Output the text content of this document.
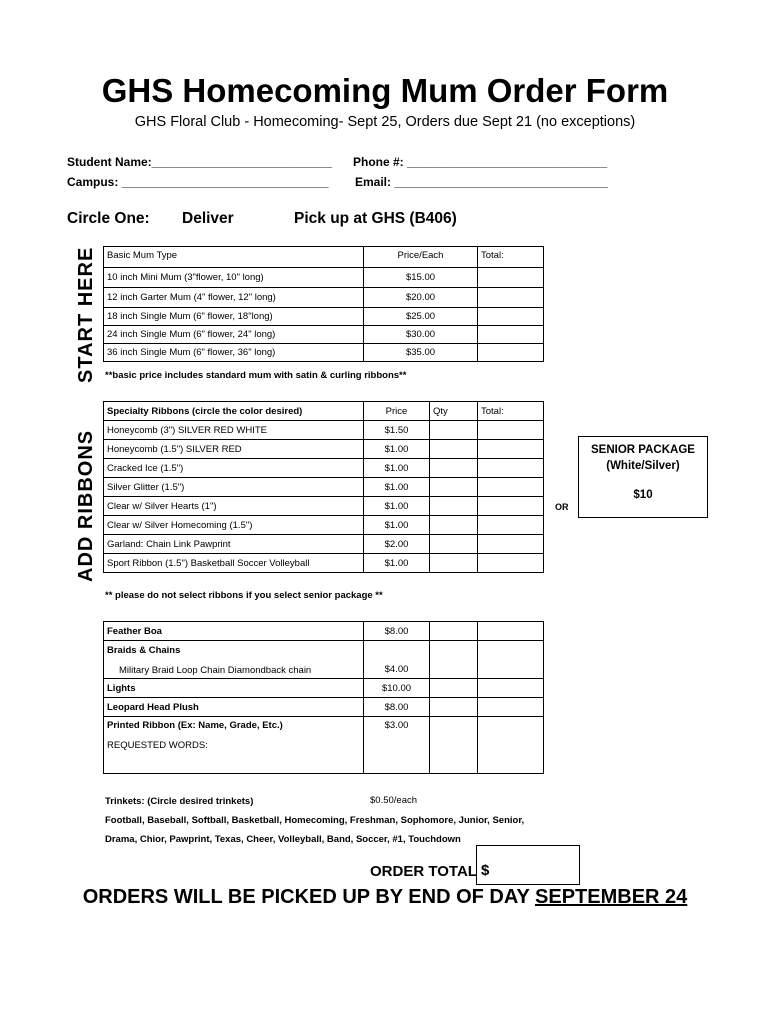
GHS Homecoming Mum Order Form
GHS Floral Club - Homecoming- Sept 25, Orders due Sept 21 (no exceptions)
Student Name:___________________________ Phone #: ______________________________
Campus: _______________________________ Email: ________________________________
Circle One: Deliver	Pick up at GHS (B406)
START HERE
ADD RIBBONS
Basic Mum Type	Price/Each	Total:
10 inch Mini Mum (3"flower, 10" long)	$15.00	
12 inch Garter Mum (4" flower, 12" long)	$20.00	
18 inch Single Mum (6" flower, 18"long)	$25.00	
24 inch Single Mum (6" flower, 24" long)	$30.00	
36 inch Single Mum (6" flower, 36" long)	$35.00	
**basic price includes standard mum with satin & curling ribbons**
Specialty Ribbons (circle the color desired)	Price	Qty	Total:
Honeycomb (3") SILVER RED WHITE	$1.50		
Honeycomb (1.5") SILVER RED	$1.00		
Cracked Ice (1.5")	$1.00		
Silver Glitter (1.5")	$1.00		
Clear w/ Silver Hearts (1")	$1.00		
Clear w/ Silver Homecoming (1.5")	$1.00		
Garland: Chain Link Pawprint	$2.00		
Sport Ribbon (1.5") Basketball Soccer Volleyball	$1.00		
OR
SENIOR PACKAGE
(White/Silver)
$10
** please do not select ribbons if you select senior package **
Feather Boa	$8.00		

Braids & Chains
Military Braid Loop Chain Diamondback chain	$4.00		
Lights	$10.00		
Leopard Head Plush	$8.00		

Printed Ribbon (Ex: Name, Grade, Etc.)
REQUESTED WORDS:	$3.00		
Trinkets: (Circle desired trinkets)	$0.50/each
Football, Baseball, Softball, Basketball, Homecoming, Freshman, Sophomore, Junior, Senior,
Drama, Chior, Pawprint, Texas, Cheer, Volleyball, Band, Soccer, #1, Touchdown
ORDER TOTAL $
ORDERS WILL BE PICKED UP BY END OF DAY SEPTEMBER 24
